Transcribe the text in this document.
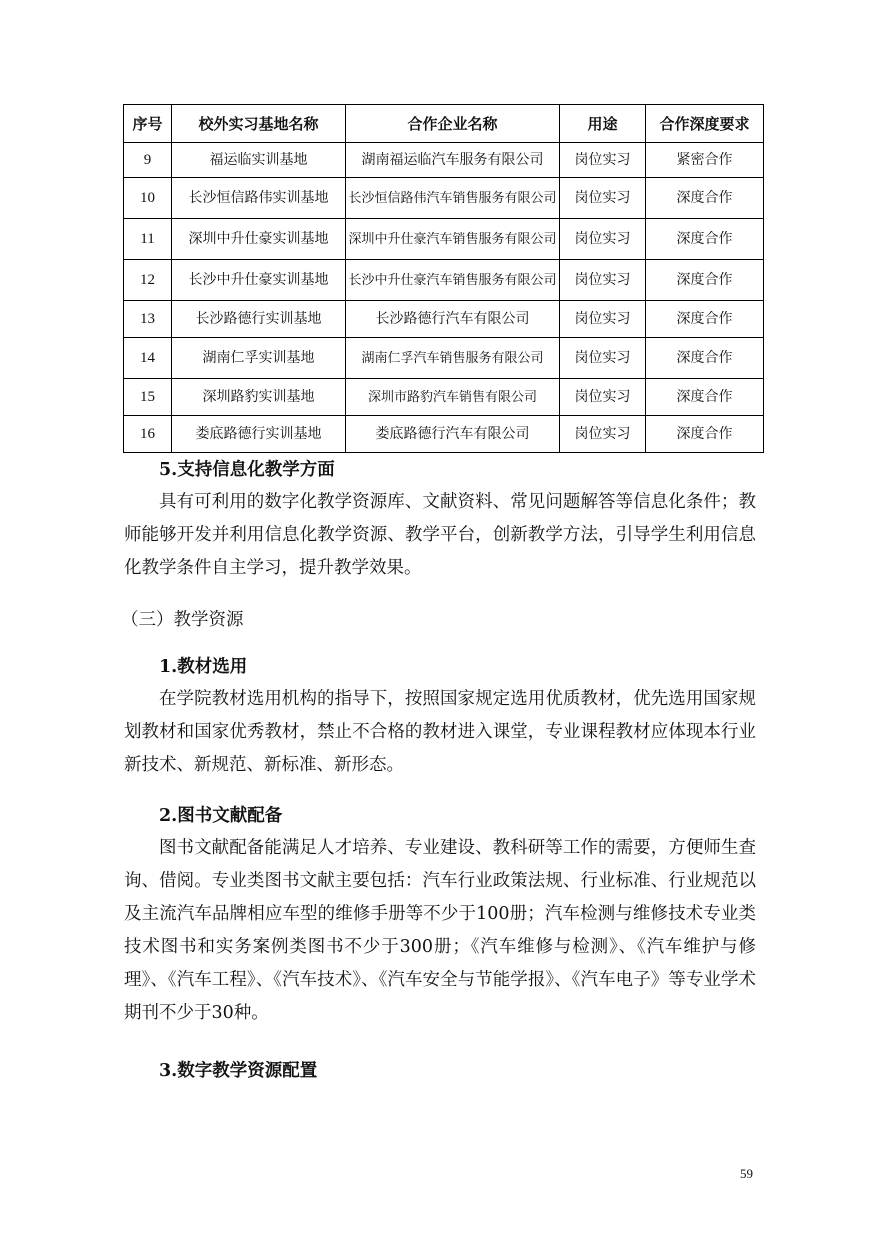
序号	校外实习基地名称	合作企业名称	用途	合作深度要求
9	福运临实训基地	湖南福运临汽车服务有限公司	岗位实习	紧密合作
10	长沙恒信路伟实训基地	长沙恒信路伟汽车销售服务有限公司	岗位实习	深度合作
11	深圳中升仕豪实训基地	深圳中升仕豪汽车销售服务有限公司	岗位实习	深度合作
12	长沙中升仕豪实训基地	长沙中升仕豪汽车销售服务有限公司	岗位实习	深度合作
13	长沙路德行实训基地	长沙路德行汽车有限公司	岗位实习	深度合作
14	湖南仁孚实训基地	湖南仁孚汽车销售服务有限公司	岗位实习	深度合作
15	深圳路豹实训基地	深圳市路豹汽车销售有限公司	岗位实习	深度合作
16	娄底路德行实训基地	娄底路德行汽车有限公司	岗位实习	深度合作
5.支持信息化教学方面
具有可利用的数字化教学资源库、文献资料、常见问题解答等信息化条件；教师能够开发并利用信息化教学资源、教学平台，创新教学方法，引导学生利用信息化教学条件自主学习，提升教学效果。
（三）教学资源
1.教材选用
在学院教材选用机构的指导下，按照国家规定选用优质教材，优先选用国家规划教材和国家优秀教材，禁止不合格的教材进入课堂，专业课程教材应体现本行业新技术、新规范、新标准、新形态。
2.图书文献配备
图书文献配备能满足人才培养、专业建设、教科研等工作的需要，方便师生查询、借阅。专业类图书文献主要包括：汽车行业政策法规、行业标准、行业规范以及主流汽车品牌相应车型的维修手册等不少于100册；汽车检测与维修技术专业类技术图书和实务案例类图书不少于300册；《汽车维修与检测》、《汽车维护与修理》、《汽车工程》、《汽车技术》、《汽车安全与节能学报》、《汽车电子》等专业学术期刊不少于30种。
3.数字教学资源配置
59
